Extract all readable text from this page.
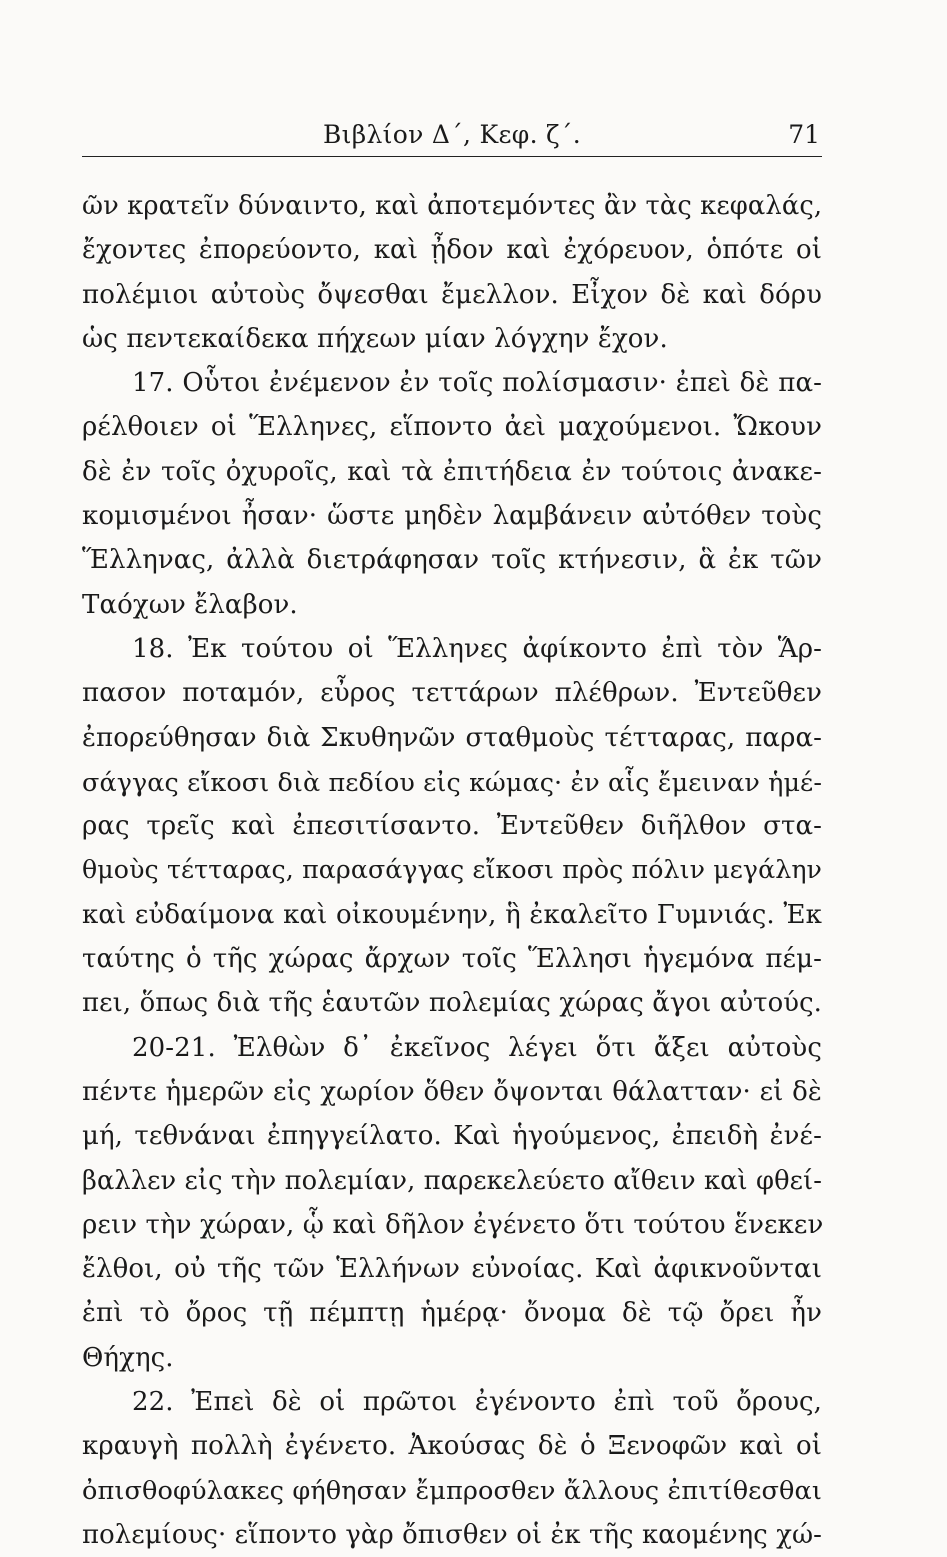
Βιβλίον Δ΄, Κεφ. ζ΄.	71
ῶν κρατεῖν δύναιντο, καὶ ἀποτεμόντες ἂν τὰς κεφαλάς,
ἔχοντες ἐπορεύοντο, καὶ ᾖδον καὶ ἐχόρευον, ὁπότε οἱ
πολέμιοι αὐτοὺς ὄψεσθαι ἔμελλον. Εἶχον δὲ καὶ δόρυ
ὡς πεντεκαίδεκα πήχεων μίαν λόγχην ἔχον.
17. Οὗτοι ἐνέμενον ἐν τοῖς πολίσμασιν· ἐπεὶ δὲ πα-
ρέλθοιεν οἱ Ἕλληνες, εἵποντο ἀεὶ μαχούμενοι. Ὤκουν
δὲ ἐν τοῖς ὀχυροῖς, καὶ τὰ ἐπιτήδεια ἐν τούτοις ἀνακε-
κομισμένοι ἦσαν· ὥστε μηδὲν λαμβάνειν αὐτόθεν τοὺς
Ἕλληνας, ἀλλὰ διετράφησαν τοῖς κτήνεσιν, ἃ ἐκ τῶν
Ταόχων ἔλαβον.
18. Ἐκ τούτου οἱ Ἕλληνες ἀφίκοντο ἐπὶ τὸν Ἅρ-
πασον ποταμόν, εὖρος τεττάρων πλέθρων. Ἐντεῦθεν
ἐπορεύθησαν διὰ Σκυθηνῶν σταθμοὺς τέτταρας, παρα-
σάγγας εἴκοσι διὰ πεδίου εἰς κώμας· ἐν αἷς ἔμειναν ἡμέ-
ρας τρεῖς καὶ ἐπεσιτίσαντο. Ἐντεῦθεν διῆλθον στα-
θμοὺς τέτταρας, παρασάγγας εἴκοσι πρὸς πόλιν μεγάλην
καὶ εὐδαίμονα καὶ οἰκουμένην, ἣ ἐκαλεῖτο Γυμνιάς. Ἐκ
ταύτης ὁ τῆς χώρας ἄρχων τοῖς Ἕλλησι ἡγεμόνα πέμ-
πει, ὅπως διὰ τῆς ἑαυτῶν πολεμίας χώρας ἄγοι αὐτούς.
20-21. Ἐλθὼν δ᾿ ἐκεῖνος λέγει ὅτι ἄξει αὐτοὺς
πέντε ἡμερῶν εἰς χωρίον ὅθεν ὄψονται θάλατταν· εἰ δὲ
μή, τεθνάναι ἐπηγγείλατο. Καὶ ἡγούμενος, ἐπειδὴ ἐνέ-
βαλλεν εἰς τὴν πολεμίαν, παρεκελεύετο αἴθειν καὶ φθεί-
ρειν τὴν χώραν, ᾧ καὶ δῆλον ἐγένετο ὅτι τούτου ἕνεκεν
ἔλθοι, οὐ τῆς τῶν Ἑλλήνων εὐνοίας. Καὶ ἀφικνοῦνται
ἐπὶ τὸ ὄρος τῇ πέμπτῃ ἡμέρᾳ· ὄνομα δὲ τῷ ὄρει ἦν
Θήχης.
22. Ἐπεὶ δὲ οἱ πρῶτοι ἐγένοντο ἐπὶ τοῦ ὄρους,
κραυγὴ πολλὴ ἐγένετο. Ἀκούσας δὲ ὁ Ξενοφῶν καὶ οἱ
ὀπισθοφύλακες φήθησαν ἔμπροσθεν ἄλλους ἐπιτίθεσθαι
πολεμίους· εἵποντο γὰρ ὄπισθεν οἱ ἐκ τῆς καομένης χώ-
